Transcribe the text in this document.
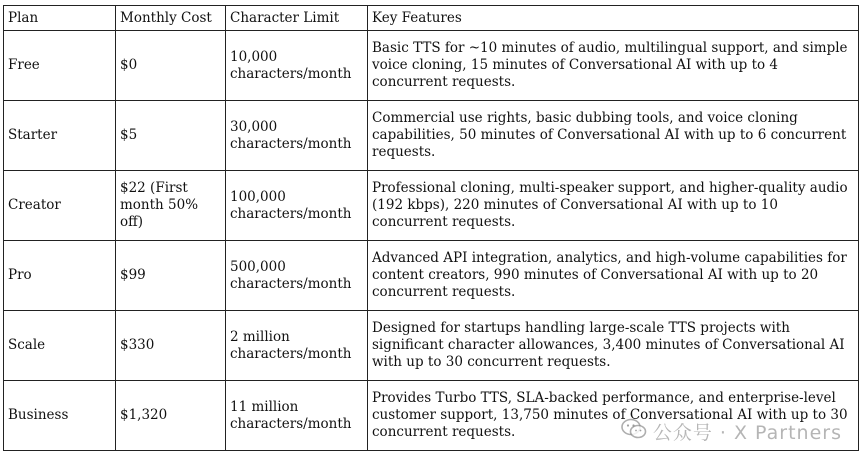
Plan	Monthly Cost	Character Limit	Key Features
Free	$0	10,000 characters/month	Basic TTS for ~10 minutes of audio, multilingual support, and simple voice cloning, 15 minutes of Conversational AI with up to 4 concurrent requests.
Starter	$5	30,000 characters/month	Commercial use rights, basic dubbing tools, and voice cloning capabilities, 50 minutes of Conversational AI with up to 6 concurrent requests.
Creator	$22 (First month 50% off)	100,000 characters/month	Professional cloning, multi-speaker support, and higher-quality audio (192 kbps), 220 minutes of Conversational AI with up to 10 concurrent requests.
Pro	$99	500,000 characters/month	Advanced API integration, analytics, and high-volume capabilities for content creators, 990 minutes of Conversational AI with up to 20 concurrent requests.
Scale	$330	2 million characters/month	Designed for startups handling large-scale TTS projects with significant character allowances, 3,400 minutes of Conversational AI with up to 30 concurrent requests.
Business	$1,320	11 million characters/month	Provides Turbo TTS, SLA-backed performance, and enterprise-level customer support, 13,750 minutes of Conversational AI with up to 30 concurrent requests.	公众号 · X Partners
